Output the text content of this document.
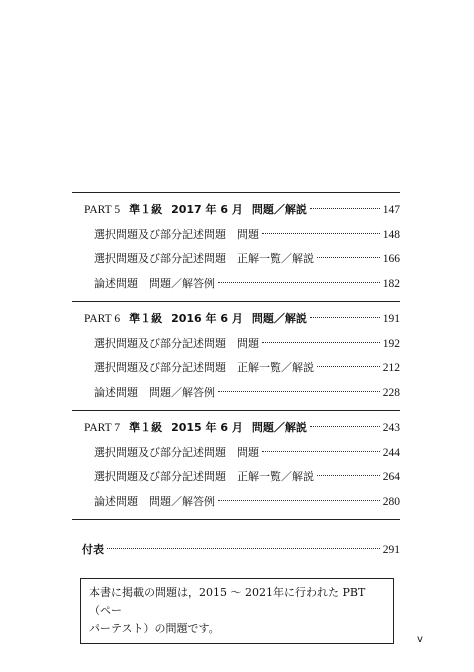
PART 5 準１級 2017 年 6 月 問題／解説	147
選択問題及び部分記述問題　問題	148
選択問題及び部分記述問題　正解一覧／解説	166
論述問題　問題／解答例	182
PART 6 準１級 2016 年 6 月 問題／解説	191
選択問題及び部分記述問題　問題	192
選択問題及び部分記述問題　正解一覧／解説	212
論述問題　問題／解答例	228
PART 7 準１級 2015 年 6 月 問題／解説	243
選択問題及び部分記述問題　問題	244
選択問題及び部分記述問題　正解一覧／解説	264
論述問題　問題／解答例	280
付表	291
本書に掲載の問題は，2015 ～ 2021年に行われた PBT（ペー
パーテスト）の問題です。
v
